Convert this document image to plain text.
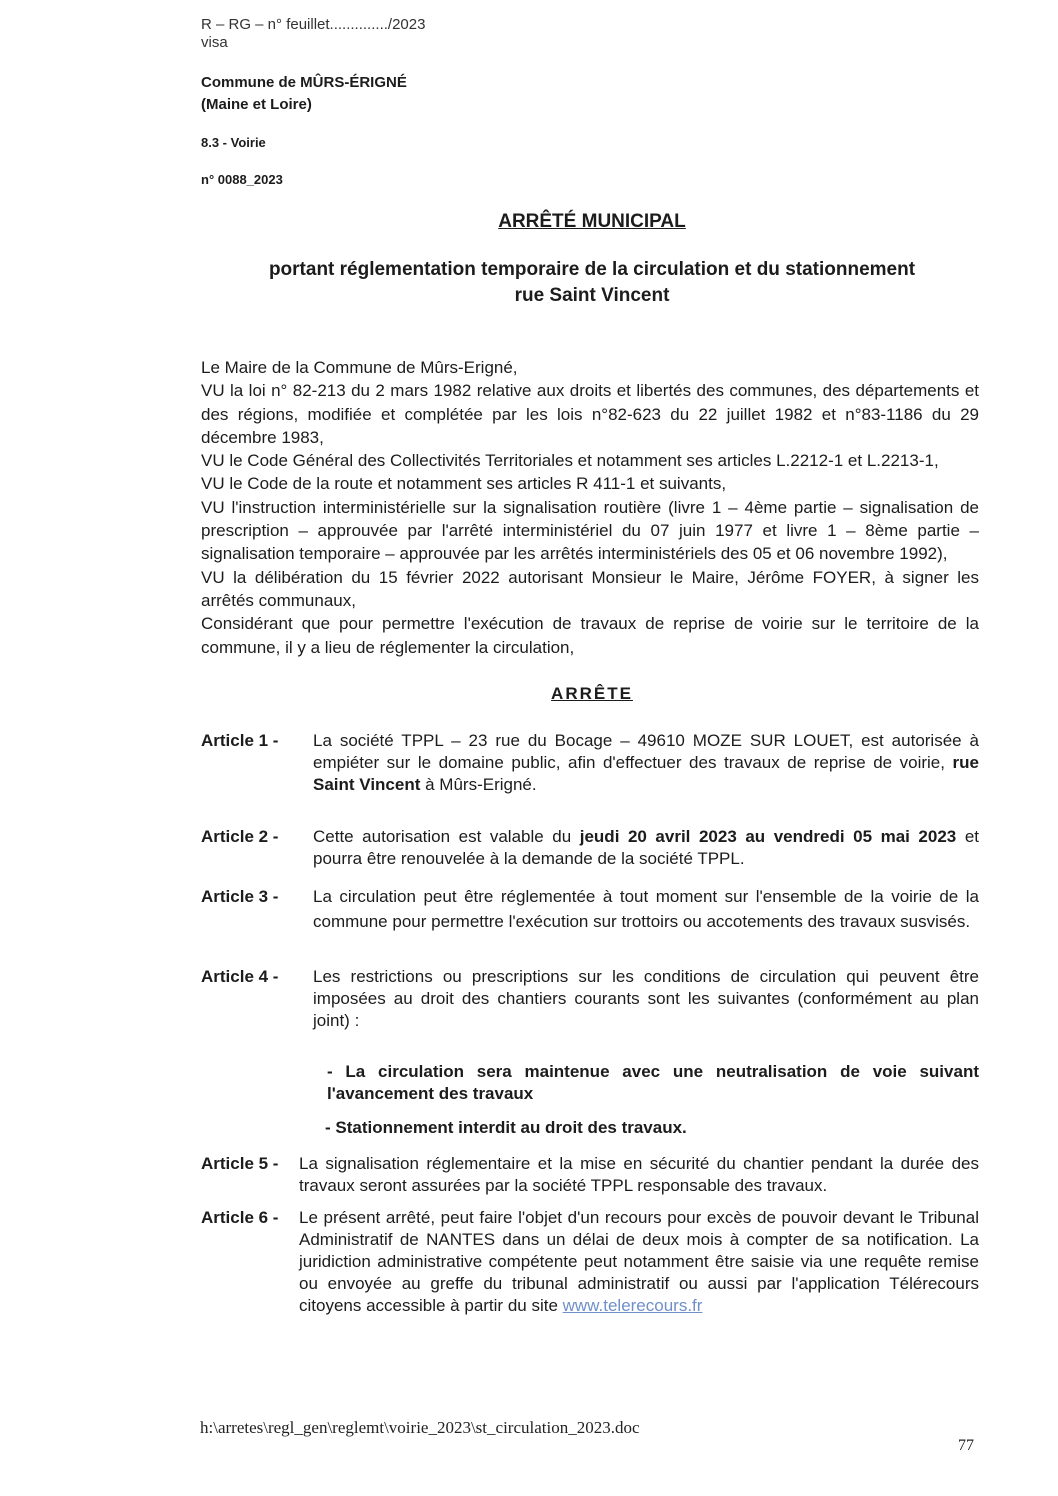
R – RG – n° feuillet............../2023
visa
Commune de MÛRS-ÉRIGNÉ
(Maine et Loire)
8.3 - Voirie
n° 0088_2023
ARRÊTÉ MUNICIPAL
portant réglementation temporaire de la circulation et du stationnement
rue Saint Vincent

Le Maire de la Commune de Mûrs-Erigné,

VU la loi n° 82-213 du 2 mars 1982 relative aux droits et libertés des communes, des départements et des régions, modifiée et complétée par les lois n°82-623 du 22 juillet 1982 et n°83-1186 du 29 décembre 1983,

VU le Code Général des Collectivités Territoriales et notamment ses articles L.2212-1 et L.2213-1,

VU le Code de la route et notamment ses articles R 411-1 et suivants,

VU l'instruction interministérielle sur la signalisation routière (livre 1 – 4ème partie – signalisation de prescription – approuvée par l'arrêté interministériel du 07 juin 1977 et livre 1 – 8ème partie – signalisation temporaire – approuvée par les arrêtés interministériels des 05 et 06 novembre 1992),

VU la délibération du 15 février 2022 autorisant Monsieur le Maire, Jérôme FOYER, à signer les arrêtés communaux,

Considérant que pour permettre l'exécution de travaux de reprise de voirie sur le territoire de la commune, il y a lieu de réglementer la circulation,

ARRÊTE
Article 1 -	La société TPPL – 23 rue du Bocage – 49610 MOZE SUR LOUET, est autorisée à empiéter sur le domaine public, afin d'effectuer des travaux de reprise de voirie, rue Saint Vincent à Mûrs-Erigné.
Article 2 -	Cette autorisation est valable du jeudi 20 avril 2023 au vendredi 05 mai 2023 et pourra être renouvelée à la demande de la société TPPL.
Article 3 -	La circulation peut être réglementée à tout moment sur l'ensemble de la voirie de la commune pour permettre l'exécution sur trottoirs ou accotements des travaux susvisés.
Article 4 -	Les restrictions ou prescriptions sur les conditions de circulation qui peuvent être imposées au droit des chantiers courants sont les suivantes (conformément au plan joint) :
- La circulation sera maintenue avec une neutralisation de voie suivant l'avancement des travaux
- Stationnement interdit au droit des travaux.
Article 5 -	La signalisation réglementaire et la mise en sécurité du chantier pendant la durée des travaux seront assurées par la société TPPL responsable des travaux.
Article 6 -	Le présent arrêté, peut faire l'objet d'un recours pour excès de pouvoir devant le Tribunal Administratif de NANTES dans un délai de deux mois à compter de sa notification. La juridiction administrative compétente peut notamment être saisie via une requête remise ou envoyée au greffe du tribunal administratif ou aussi par l'application Télérecours citoyens accessible à partir du site www.telerecours.fr
h:\arretes\regl_gen\reglemt\voirie_2023\st_circulation_2023.doc
77
